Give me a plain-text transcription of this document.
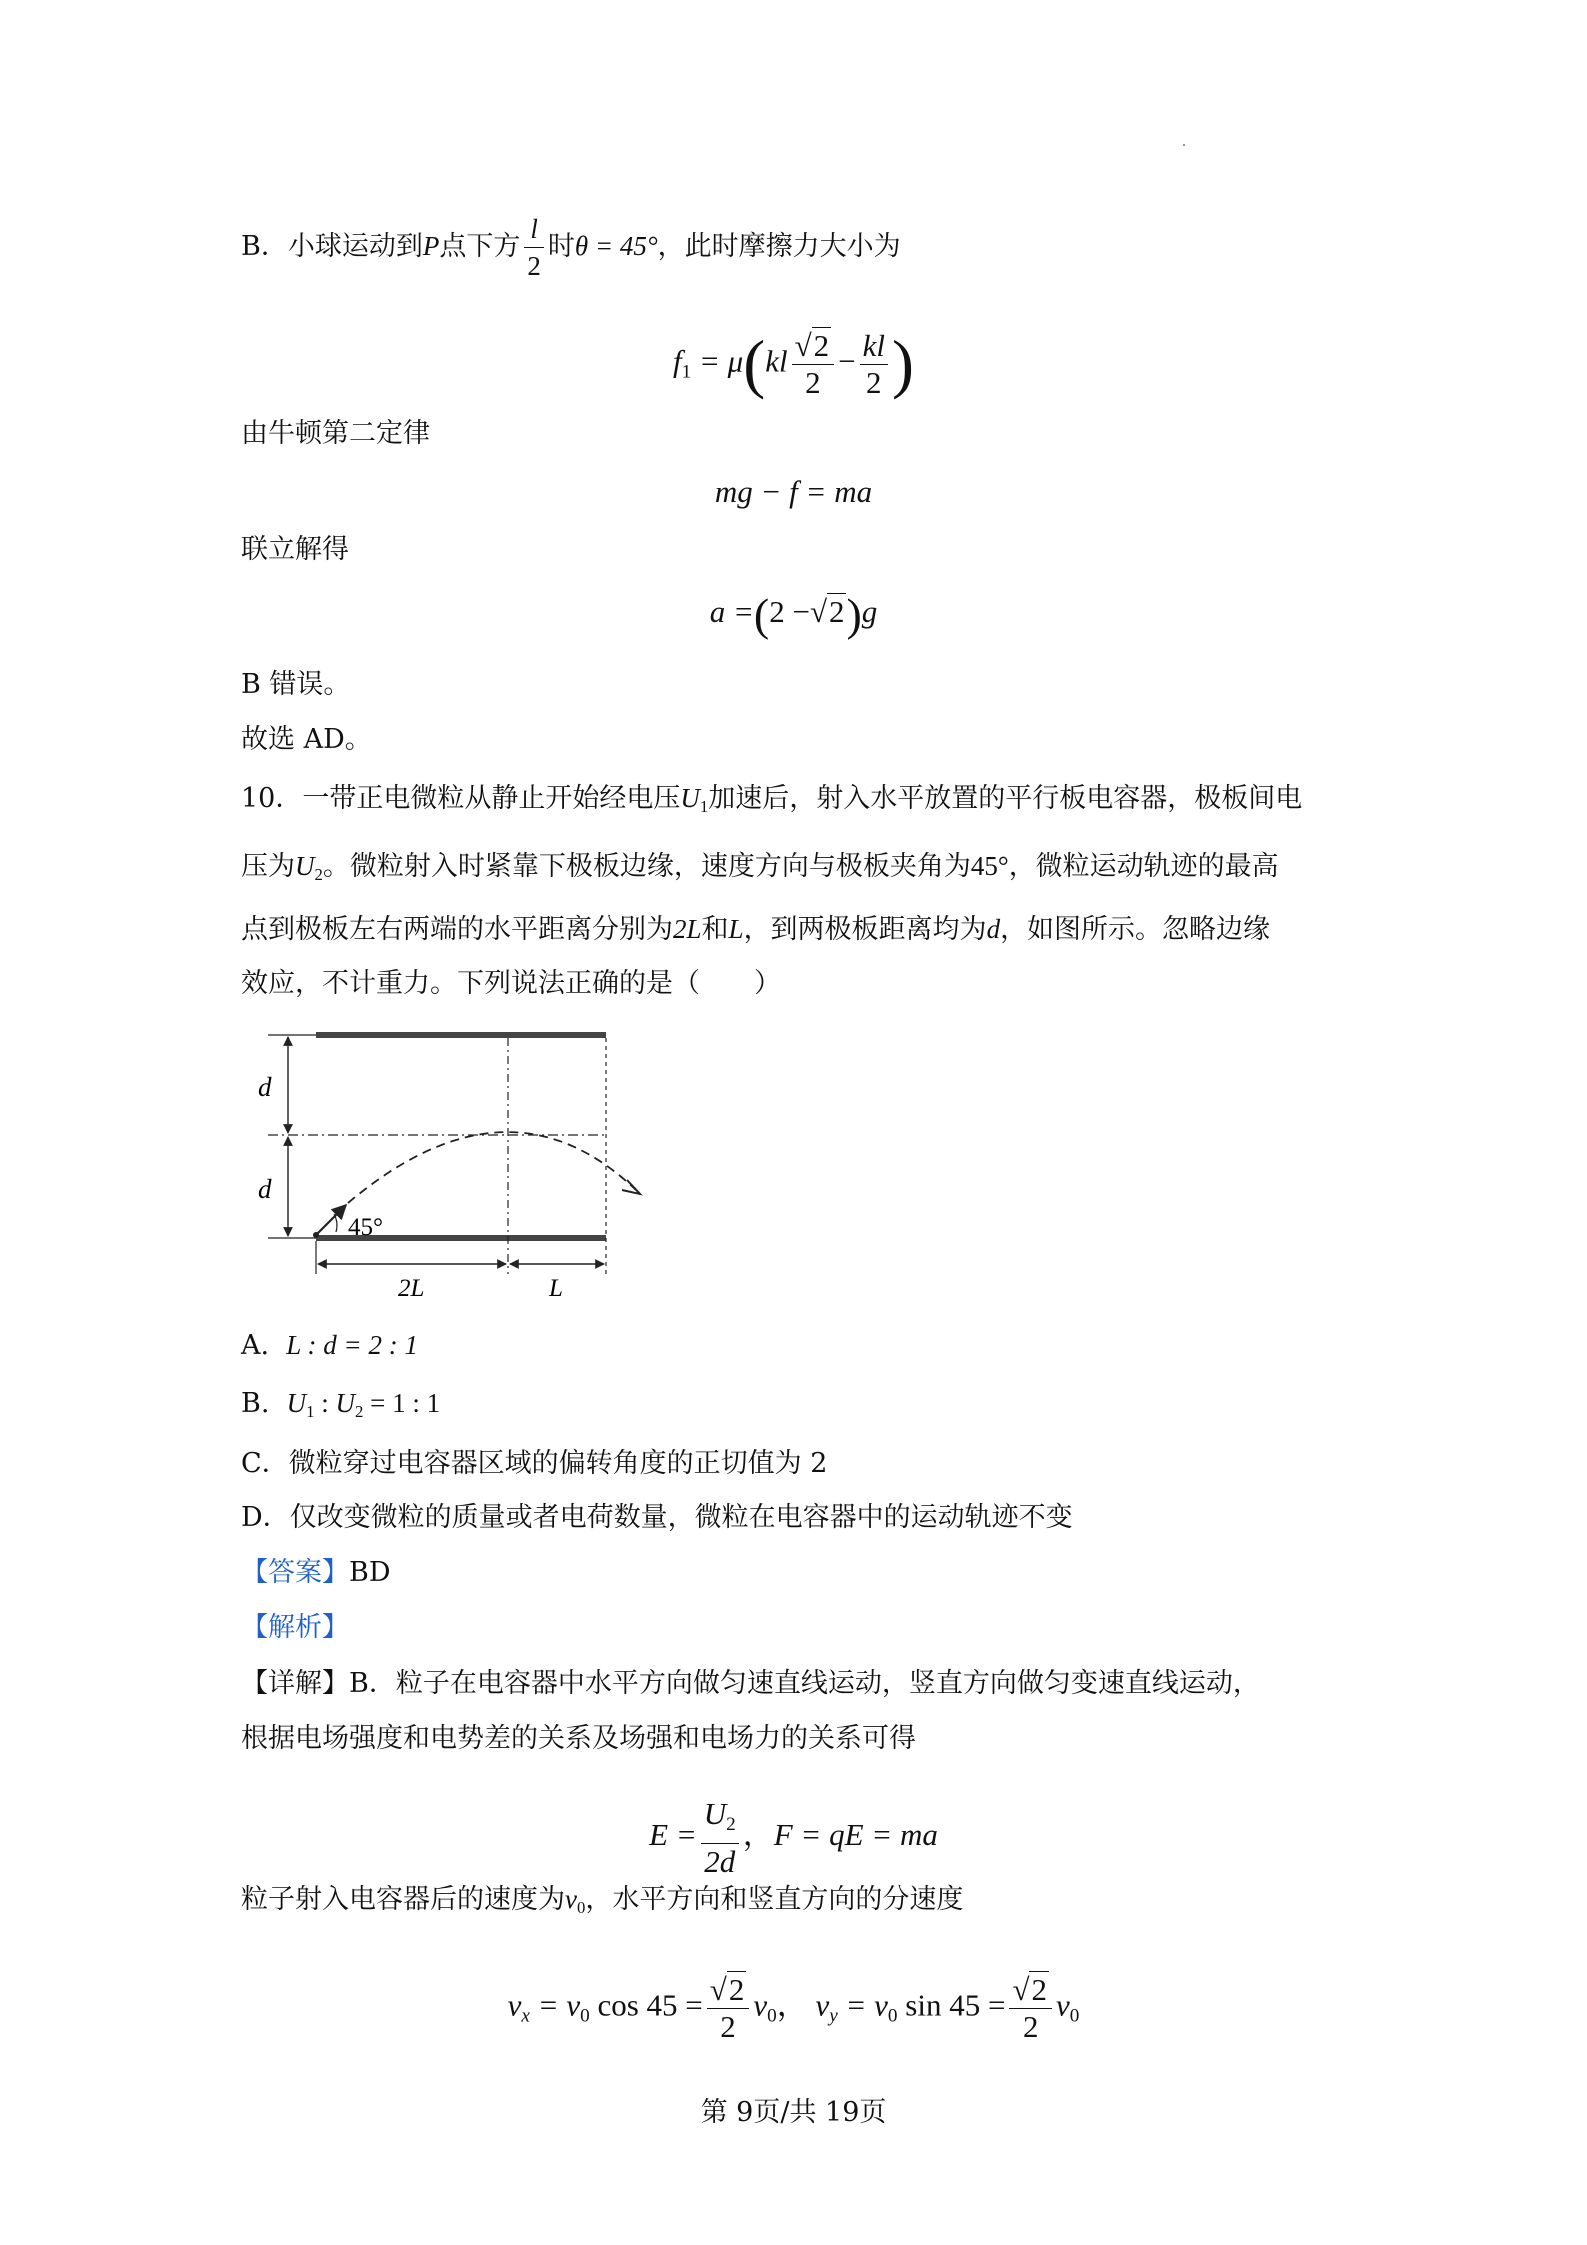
B．小球运动到P点下方 $\frac{l}{2}$ 时θ = 45°，此时摩擦力大小为
$f_1 = \mu(kl \frac{√2}{2} - \frac{kl}{2}$ )
由牛顿第二定律
mg − f = ma
联立解得
a =(2 −√2)g
B 错误。
故选 AD。
10．一带正电微粒从静止开始经电压$U_1$加速后，射入水平放置的平行板电容器，极板间电
压为$U_2$。微粒射入时紧靠下极板边缘，速度方向与极板夹角为45°，微粒运动轨迹的最高
点到极板左右两端的水平距离分别为2L和L，到两极板距离均为d，如图所示。忽略边缘
效应，不计重力。下列说法正确的是（　　）
d
d
45°
2L	L
A. L : d = 2 : 1
B. $U_1$ : $U_2 = 1$ : 1
C．微粒穿过电容器区域的偏转角度的正切值为 2
D．仅改变微粒的质量或者电荷数量，微粒在电容器中的运动轨迹不变
【答案】BD
【解析】
【详解】B．粒子在电容器中水平方向做匀速直线运动，竖直方向做匀变速直线运动，
根据电场强度和电势差的关系及场强和电场力的关系可得
$E = \frac{U_2}{2d}$ ，F = qE = ma
粒子射入电容器后的速度为$v_0$，水平方向和竖直方向的分速度
$v_x = v_0$ $\cos 45 = \frac{√2}{2} v_0$， $v_y = v_0$ $\sin 45 = \frac{√2}{2} v_0$
第 9页/共 19页
